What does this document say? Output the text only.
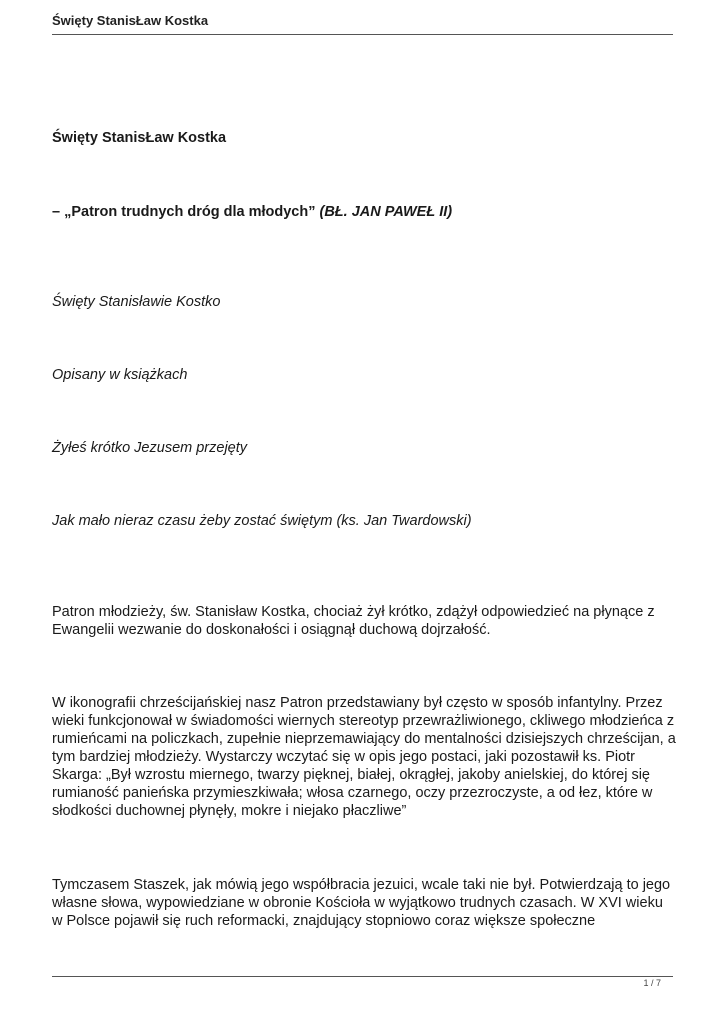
Święty StanisŁaw Kostka
Święty StanisŁaw Kostka
– „Patron trudnych dróg dla młodych” (BŁ. JAN PAWEŁ II)
Święty Stanisławie Kostko
Opisany w książkach
Żyłeś krótko Jezusem przejęty
Jak mało nieraz czasu żeby zostać świętym (ks. Jan Twardowski)
Patron młodzieży, św. Stanisław Kostka, chociaż żył krótko, zdążył odpowiedzieć na płynące z Ewangelii wezwanie do doskonałości i osiągnął duchową dojrzałość.
W ikonografii chrześcijańskiej nasz Patron przedstawiany był często w sposób infantylny. Przez wieki funkcjonował w świadomości wiernych stereotyp przewrażliwionego, ckliwego młodzieńca z rumieńcami na policzkach, zupełnie nieprzemawiający do mentalności dzisiejszych chrześcijan, a tym bardziej młodzieży. Wystarczy wczytać się w opis jego postaci, jaki pozostawił ks. Piotr Skarga: „Był wzrostu miernego, twarzy pięknej, białej, okrągłej, jakoby anielskiej, do której się rumianość panieńska przymieszkiwała; włosa czarnego, oczy przezroczyste, a od łez, które w słodkości duchownej płynęły, mokre i niejako płaczliwe”
Tymczasem Staszek, jak mówią jego współbracia jezuici, wcale taki nie był. Potwierdzają to jego własne słowa, wypowiedziane w obronie Kościoła w wyjątkowo trudnych czasach. W XVI wieku w Polsce pojawił się ruch reformacki, znajdujący stopniowo coraz większe społeczne
1 / 7
